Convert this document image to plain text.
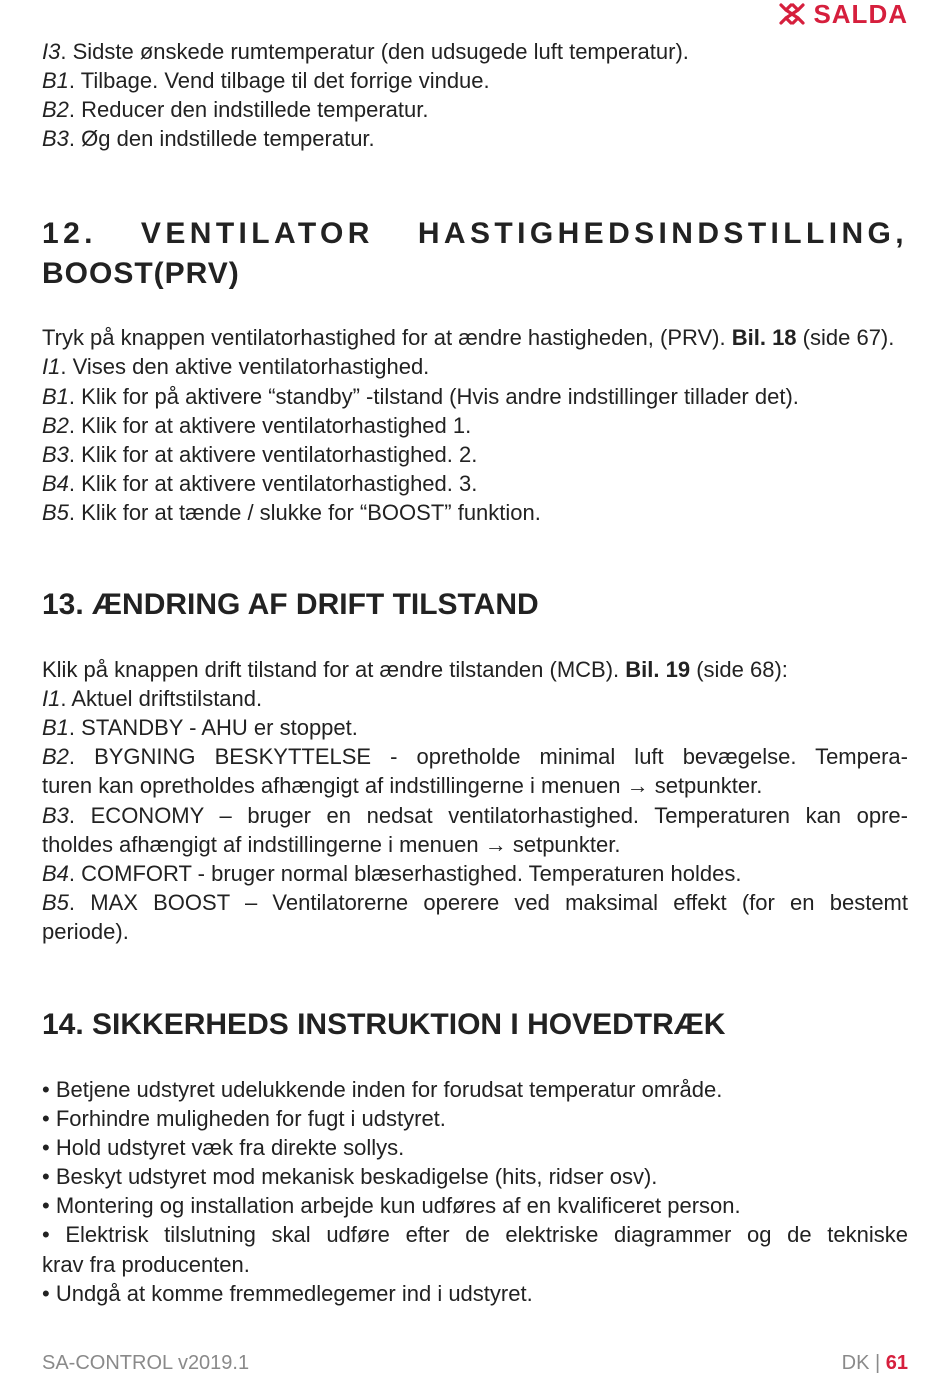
SALDA

I3. Sidste ønskede rumtemperatur (den udsugede luft temperatur).

B1. Tilbage. Vend tilbage til det forrige vindue.

B2. Reducer den indstillede temperatur.

B3. Øg den indstillede temperatur.

12. VENTILATOR HASTIGHEDSINDSTILLING,
BOOST(PRV)

Tryk på knappen ventilatorhastighed for at ændre hastigheden, (PRV). Bil. 18 (side 67).

I1. Vises den aktive ventilatorhastighed.

B1. Klik for på aktivere “standby” -tilstand (Hvis andre indstillinger tillader det).

B2. Klik for at aktivere ventilatorhastighed 1.

B3. Klik for at aktivere ventilatorhastighed. 2.

B4. Klik for at aktivere ventilatorhastighed. 3.

B5. Klik for at tænde / slukke for “BOOST” funktion.

13. ÆNDRING AF DRIFT TILSTAND

Klik på knappen drift tilstand for at ændre tilstanden (MCB). Bil. 19 (side 68):

I1. Aktuel driftstilstand.

B1. STANDBY - AHU er stoppet.

B2. BYGNING BESKYTTELSE - opretholde minimal luft bevægelse. Tempera-

turen kan opretholdes afhængigt af indstillingerne i menuen → setpunkter.

B3. ECONOMY – bruger en nedsat ventilatorhastighed. Temperaturen kan opre-

tholdes afhængigt af indstillingerne i menuen → setpunkter.

B4. COMFORT - bruger normal blæserhastighed. Temperaturen holdes.

B5. MAX BOOST – Ventilatorerne operere ved maksimal effekt (for en bestemt

periode).

14. SIKKERHEDS INSTRUKTION I HOVEDTRÆK

• Betjene udstyret udelukkende inden for forudsat temperatur område.

• Forhindre muligheden for fugt i udstyret.

• Hold udstyret væk fra direkte sollys.

• Beskyt udstyret mod mekanisk beskadigelse (hits, ridser osv).

• Montering og installation arbejde kun udføres af en kvalificeret person.

• Elektrisk tilslutning skal udføre efter de elektriske diagrammer og de tekniske

krav fra producenten.

• Undgå at komme fremmedlegemer ind i udstyret.

SA-CONTROL v2019.1	DK | 61
